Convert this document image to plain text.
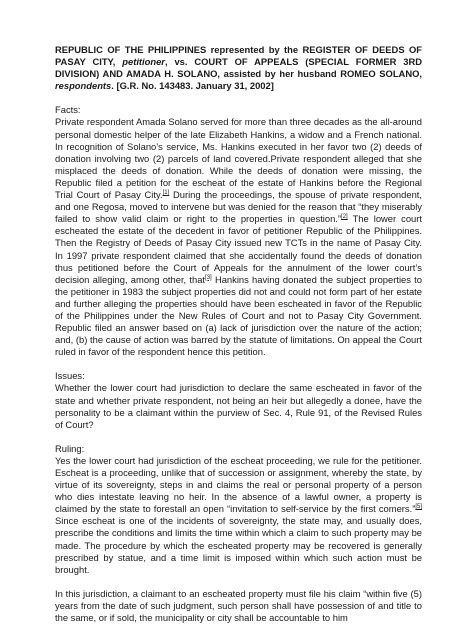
REPUBLIC OF THE PHILIPPINES represented by the REGISTER OF DEEDS OF PASAY CITY, petitioner, vs. COURT OF APPEALS (SPECIAL FORMER 3RD DIVISION) AND AMADA H. SOLANO, assisted by her husband ROMEO SOLANO, respondents. [G.R. No. 143483. January 31, 2002]

Facts:

Private respondent Amada Solano served for more than three decades as the all-around personal domestic helper of the late Elizabeth Hankins, a widow and a French national. In recognition of Solano’s service, Ms. Hankins executed in her favor two (2) deeds of donation involving two (2) parcels of land covered.Private respondent alleged that she misplaced the deeds of donation. While the deeds of donation were missing, the Republic filed a petition for the escheat of the estate of Hankins before the Regional Trial Court of Pasay City.[1] During the proceedings, the spouse of private respondent, and one Regosa, moved to intervene but was denied for the reason that “they miserably failed to show valid claim or right to the properties in question.”[2] The lower court escheated the estate of the decedent in favor of petitioner Republic of the Philippines. Then the Registry of Deeds of Pasay City issued new TCTs in the name of Pasay City. In 1997 private respondent claimed that she accidentally found the deeds of donation thus petitioned before the Court of Appeals for the annulment of the lower court’s decision alleging, among other, that[3] Hankins having donated the subject properties to the petitioner in 1983 the subject properties did not and could not form part of her estate and further alleging the properties should have been escheated in favor of the Republic of the Philippines under the New Rules of Court and not to Pasay City Government. Republic filed an answer based on (a) lack of jurisdiction over the nature of the action; and, (b) the cause of action was barred by the statute of limitations. On appeal the Court ruled in favor of the respondent hence this petition.

Issues:

Whether the lower court had jurisdiction to declare the same escheated in favor of the state and whether private respondent, not being an heir but allegedly a donee, have the personality to be a claimant within the purview of Sec. 4, Rule 91, of the Revised Rules of Court?

Ruling:

Yes the lower court had jurisdiction of the escheat proceeding, we rule for the petitioner. Escheat is a proceeding, unlike that of succession or assignment, whereby the state, by virtue of its sovereignty, steps in and claims the real or personal property of a person who dies intestate leaving no heir. In the absence of a lawful owner, a property is claimed by the state to forestall an open “invitation to self-service by the first comers.”[5] Since escheat is one of the incidents of sovereignty, the state may, and usually does, prescribe the conditions and limits the time within which a claim to such property may be made. The procedure by which the escheated property may be recovered is generally prescribed by statue, and a time limit is imposed within which such action must be brought.

In this jurisdiction, a claimant to an escheated property must file his claim “within five (5) years from the date of such judgment, such person shall have possession of and title to the same, or if sold, the municipality or city shall be accountable to him
